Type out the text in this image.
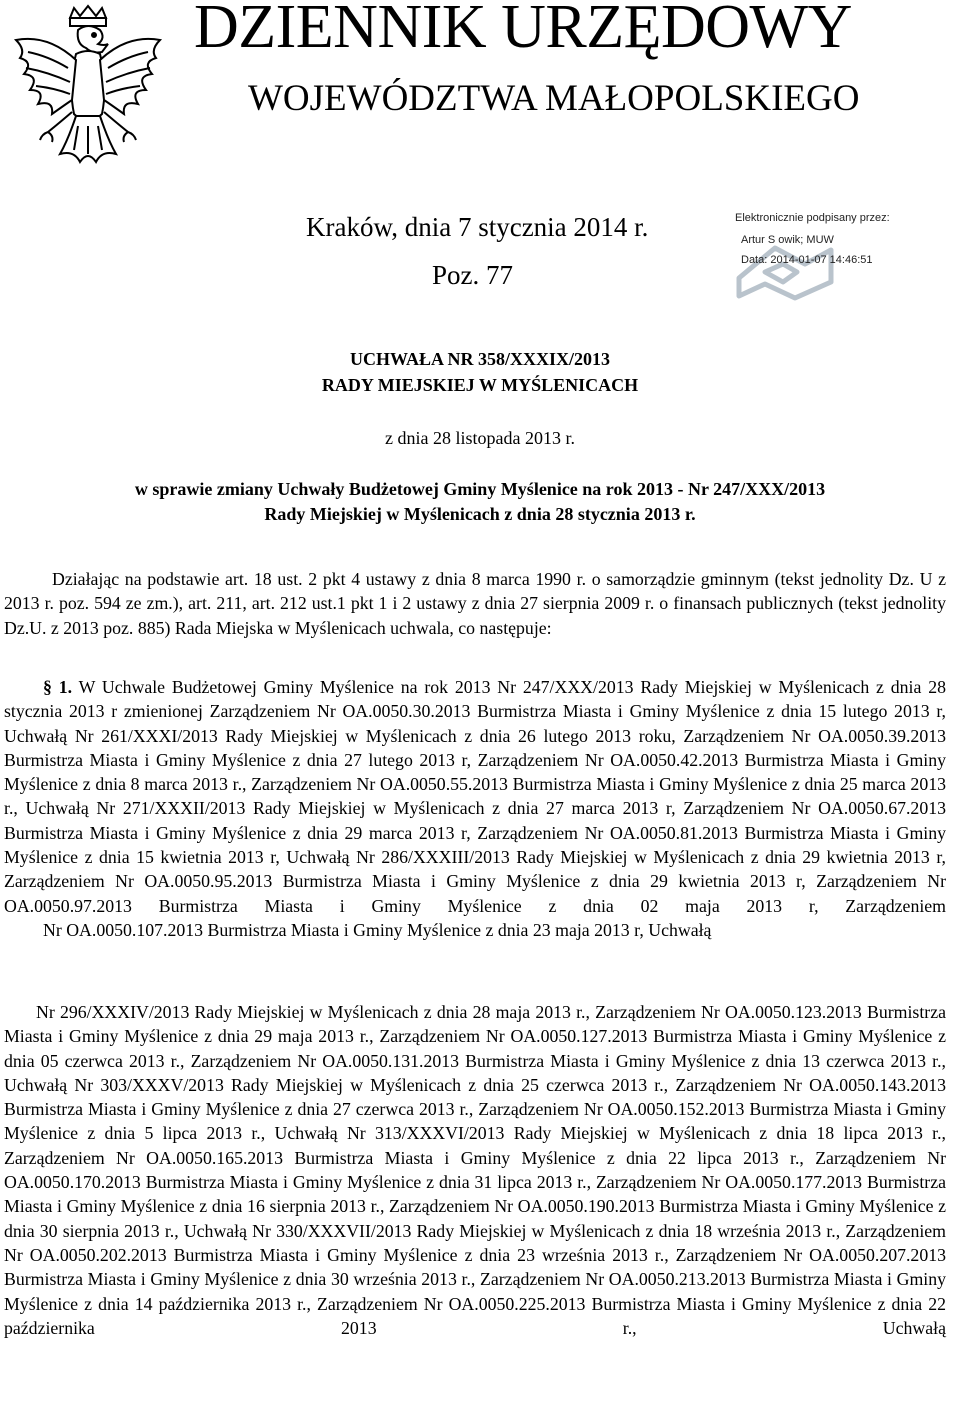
DZIENNIK URZĘDOWY
WOJEWÓDZTWA MAŁOPOLSKIEGO
Kraków, dnia 7 stycznia 2014 r.
Poz. 77
Elektronicznie podpisany przez:
Artur S owik; MUW
Data: 2014-01-07 14:46:51
UCHWAŁA NR 358/XXXIX/2013
RADY MIEJSKIEJ W MYŚLENICACH
z dnia 28 listopada 2013 r.
w sprawie zmiany Uchwały Budżetowej Gminy Myślenice na rok 2013 - Nr 247/XXX/2013
Rady Miejskiej w Myślenicach z dnia 28 stycznia 2013 r.

Działając na podstawie art. 18 ust. 2 pkt 4 ustawy z dnia 8 marca 1990 r. o samorządzie gminnym (tekst jednolity Dz. U z 2013 r. poz. 594 ze zm.), art. 211, art. 212 ust.1 pkt 1 i 2 ustawy z dnia 27 sierpnia 2009 r. o finansach publicznych (tekst jednolity Dz.U. z 2013 poz. 885) Rada Miejska w Myślenicach uchwala, co następuje:

§ 1. W Uchwale Budżetowej Gminy Myślenice na rok 2013 Nr 247/XXX/2013 Rady Miejskiej w Myślenicach z dnia 28 stycznia 2013 r zmienionej Zarządzeniem Nr OA.0050.30.2013 Burmistrza Miasta i Gminy Myślenice z dnia 15 lutego 2013 r, Uchwałą Nr 261/XXXI/2013 Rady Miejskiej w Myślenicach z dnia 26 lutego 2013 roku, Zarządzeniem Nr OA.0050.39.2013 Burmistrza Miasta i Gminy Myślenice z dnia 27 lutego 2013 r, Zarządzeniem Nr OA.0050.42.2013 Burmistrza Miasta i Gminy Myślenice z dnia 8 marca 2013 r., Zarządzeniem Nr OA.0050.55.2013 Burmistrza Miasta i Gminy Myślenice z dnia 25 marca 2013 r., Uchwałą Nr 271/XXXII/2013 Rady Miejskiej w Myślenicach z dnia 27 marca 2013 r, Zarządzeniem Nr OA.0050.67.2013 Burmistrza Miasta i Gminy Myślenice z dnia 29 marca 2013 r, Zarządzeniem Nr OA.0050.81.2013 Burmistrza Miasta i Gminy Myślenice z dnia 15 kwietnia 2013 r, Uchwałą Nr 286/XXXIII/2013 Rady Miejskiej w Myślenicach z dnia 29 kwietnia 2013 r, Zarządzeniem Nr OA.0050.95.2013 Burmistrza Miasta i Gminy Myślenice z dnia 29 kwietnia 2013 r, Zarządzeniem Nr OA.0050.97.2013 Burmistrza Miasta i Gminy Myślenice z dnia 02 maja 2013 r, Zarządzeniem
Nr OA.0050.107.2013 Burmistrza Miasta i Gminy Myślenice z dnia 23 maja 2013 r, Uchwałą

Nr 296/XXXIV/2013 Rady Miejskiej w Myślenicach z dnia 28 maja 2013 r., Zarządzeniem Nr OA.0050.123.2013 Burmistrza Miasta i Gminy Myślenice z dnia 29 maja 2013 r., Zarządzeniem Nr OA.0050.127.2013 Burmistrza Miasta i Gminy Myślenice z dnia 05 czerwca 2013 r., Zarządzeniem Nr OA.0050.131.2013 Burmistrza Miasta i Gminy Myślenice z dnia 13 czerwca 2013 r., Uchwałą Nr 303/XXXV/2013 Rady Miejskiej w Myślenicach z dnia 25 czerwca 2013 r., Zarządzeniem Nr OA.0050.143.2013 Burmistrza Miasta i Gminy Myślenice z dnia 27 czerwca 2013 r., Zarządzeniem Nr OA.0050.152.2013 Burmistrza Miasta i Gminy Myślenice z dnia 5 lipca 2013 r., Uchwałą Nr 313/XXXVI/2013 Rady Miejskiej w Myślenicach z dnia 18 lipca 2013 r., Zarządzeniem Nr OA.0050.165.2013 Burmistrza Miasta i Gminy Myślenice z dnia 22 lipca 2013 r., Zarządzeniem Nr OA.0050.170.2013 Burmistrza Miasta i Gminy Myślenice z dnia 31 lipca 2013 r., Zarządzeniem Nr OA.0050.177.2013 Burmistrza Miasta i Gminy Myślenice z dnia 16 sierpnia 2013 r., Zarządzeniem Nr OA.0050.190.2013 Burmistrza Miasta i Gminy Myślenice z dnia 30 sierpnia 2013 r., Uchwałą Nr 330/XXXVII/2013 Rady Miejskiej w Myślenicach z dnia 18 września 2013 r., Zarządzeniem Nr OA.0050.202.2013 Burmistrza Miasta i Gminy Myślenice z dnia 23 września 2013 r., Zarządzeniem Nr OA.0050.207.2013 Burmistrza Miasta i Gminy Myślenice z dnia 30 września 2013 r., Zarządzeniem Nr OA.0050.213.2013 Burmistrza Miasta i Gminy Myślenice z dnia 14 października 2013 r., Zarządzeniem Nr OA.0050.225.2013 Burmistrza Miasta i Gminy Myślenice z dnia 22 października 2013 r., Uchwałą
